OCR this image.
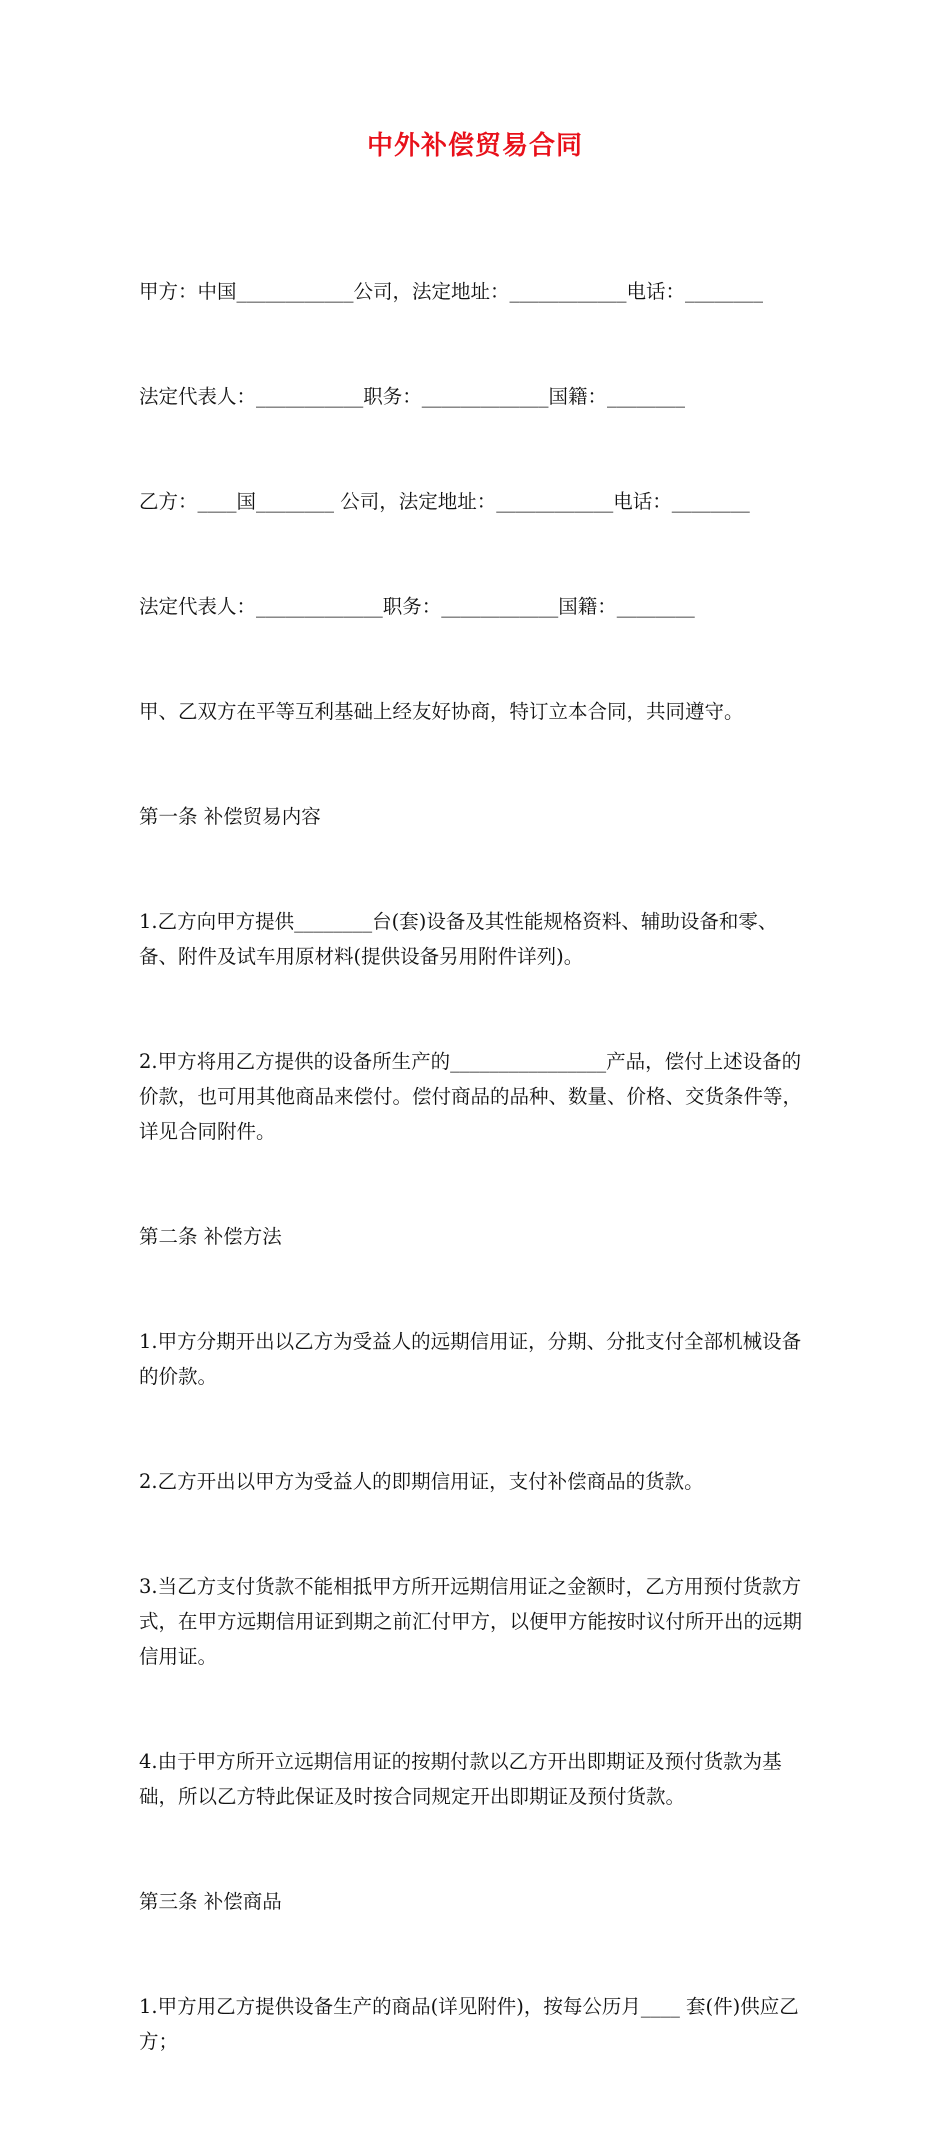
中外补偿贸易合同

甲方：中国____________公司，法定地址：____________电话：________

法定代表人：___________职务：_____________国籍：________

乙方：____国________ 公司，法定地址：____________电话：________

法定代表人：_____________职务：____________国籍：________

甲、乙双方在平等互利基础上经友好协商，特订立本合同，共同遵守。

第一条 补偿贸易内容

1.乙方向甲方提供________台(套)设备及其性能规格资料、辅助设备和零、备、附件及试车用原材料(提供设备另用附件详列)。

2.甲方将用乙方提供的设备所生产的________________产品，偿付上述设备的价款，也可用其他商品来偿付。偿付商品的品种、数量、价格、交货条件等，详见合同附件。

第二条 补偿方法

1.甲方分期开出以乙方为受益人的远期信用证，分期、分批支付全部机械设备的价款。

2.乙方开出以甲方为受益人的即期信用证，支付补偿商品的货款。

3.当乙方支付货款不能相抵甲方所开远期信用证之金额时，乙方用预付货款方式，在甲方远期信用证到期之前汇付甲方，以便甲方能按时议付所开出的远期信用证。

4.由于甲方所开立远期信用证的按期付款以乙方开出即期证及预付货款为基础，所以乙方特此保证及时按合同规定开出即期证及预付货款。

第三条 补偿商品

1.甲方用乙方提供设备生产的商品(详见附件)，按每公历月____ 套(件)供应乙方；
